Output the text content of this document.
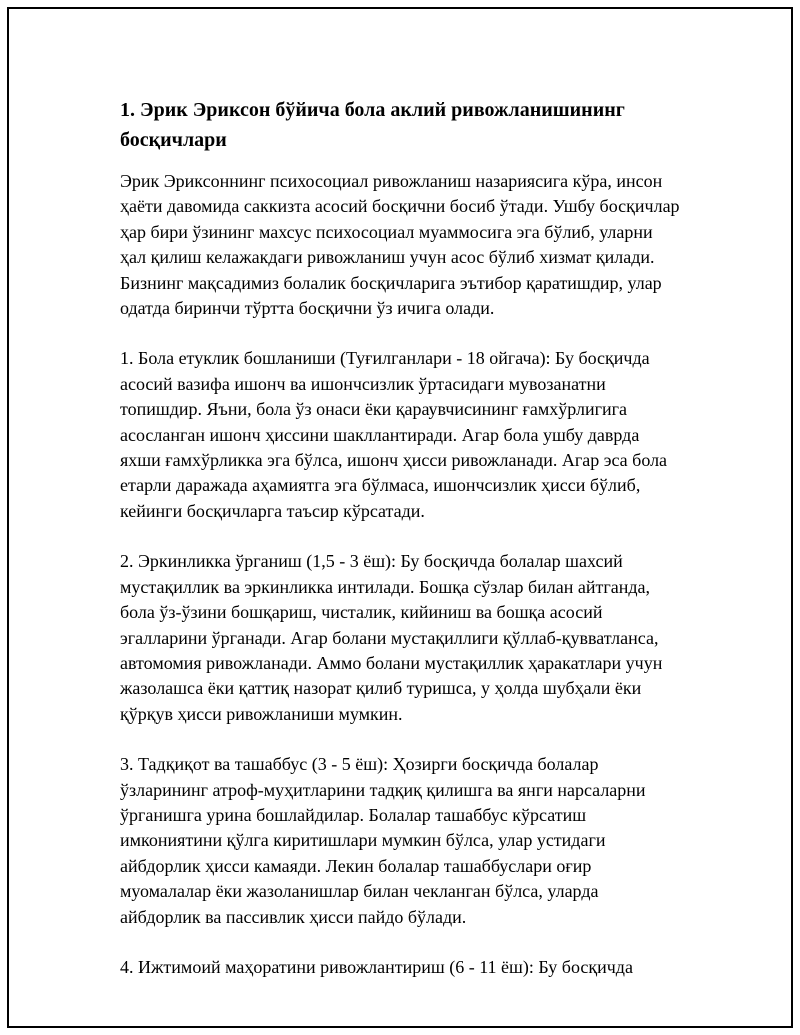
1. Эрик Эриксон бўйича бола аклий ривожланишининг босқичлари

Эрик Эриксоннинг психосоциал ривожланиш назариясига кўра, инсон ҳаёти давомида саккизта асосий босқични босиб ўтади. Ушбу босқичлар ҳар бири ўзининг махсус психосоциал муаммосига эга бўлиб, уларни ҳал қилиш келажакдаги ривожланиш учун асос бўлиб хизмат қилади. Бизнинг мақсадимиз болалик босқичларига эътибор қаратишдир, улар одатда биринчи тўртта босқични ўз ичига олади.

1. Бола етуклик бошланиши (Туғилганлари - 18 ойгача): Бу босқичда асосий вазифа ишонч ва ишончсизлик ўртасидаги мувозанатни топишдир. Яъни, бола ўз онаси ёки қараувчисининг ғамхўрлигига асосланган ишонч ҳиссини шакллантиради. Агар бола ушбу даврда яхши ғамхўрликка эга бўлса, ишонч ҳисси ривожланади. Агар эса бола етарли даражада аҳамиятга эга бўлмаса, ишончсизлик ҳисси бўлиб, кейинги босқичларга таъсир кўрсатади.

2. Эркинликка ўрганиш (1,5 - 3 ёш): Бу босқичда болалар шахсий мустақиллик ва эркинликка интилади. Бошқа сўзлар билан айтганда, бола ўз-ўзини бошқариш, чисталик, кийиниш ва бошқа асосий эгалларини ўрганади. Агар болани мустақиллиги қўллаб-қувватланса, автомомия ривожланади. Аммо болани мустақиллик ҳаракатлари учун жазолашса ёки қаттиқ назорат қилиб туришса, у ҳолда шубҳали ёки қўрқув ҳисси ривожланиши мумкин.

3. Тадқиқот ва ташаббус (3 - 5 ёш): Ҳозирги босқичда болалар ўзларининг атроф-муҳитларини тадқиқ қилишга ва янги нарсаларни ўрганишга урина бошлайдилар. Болалар ташаббус кўрсатиш имкониятини қўлга киритишлари мумкин бўлса, улар устидаги айбдорлик ҳисси камаяди. Лекин болалар ташаббуслари оғир муомалалар ёки жазоланишлар билан чекланган бўлса, уларда айбдорлик ва пассивлик ҳисси пайдо бўлади.

4. Ижтимоий маҳоратини ривожлантириш (6 - 11 ёш): Бу босқичда
